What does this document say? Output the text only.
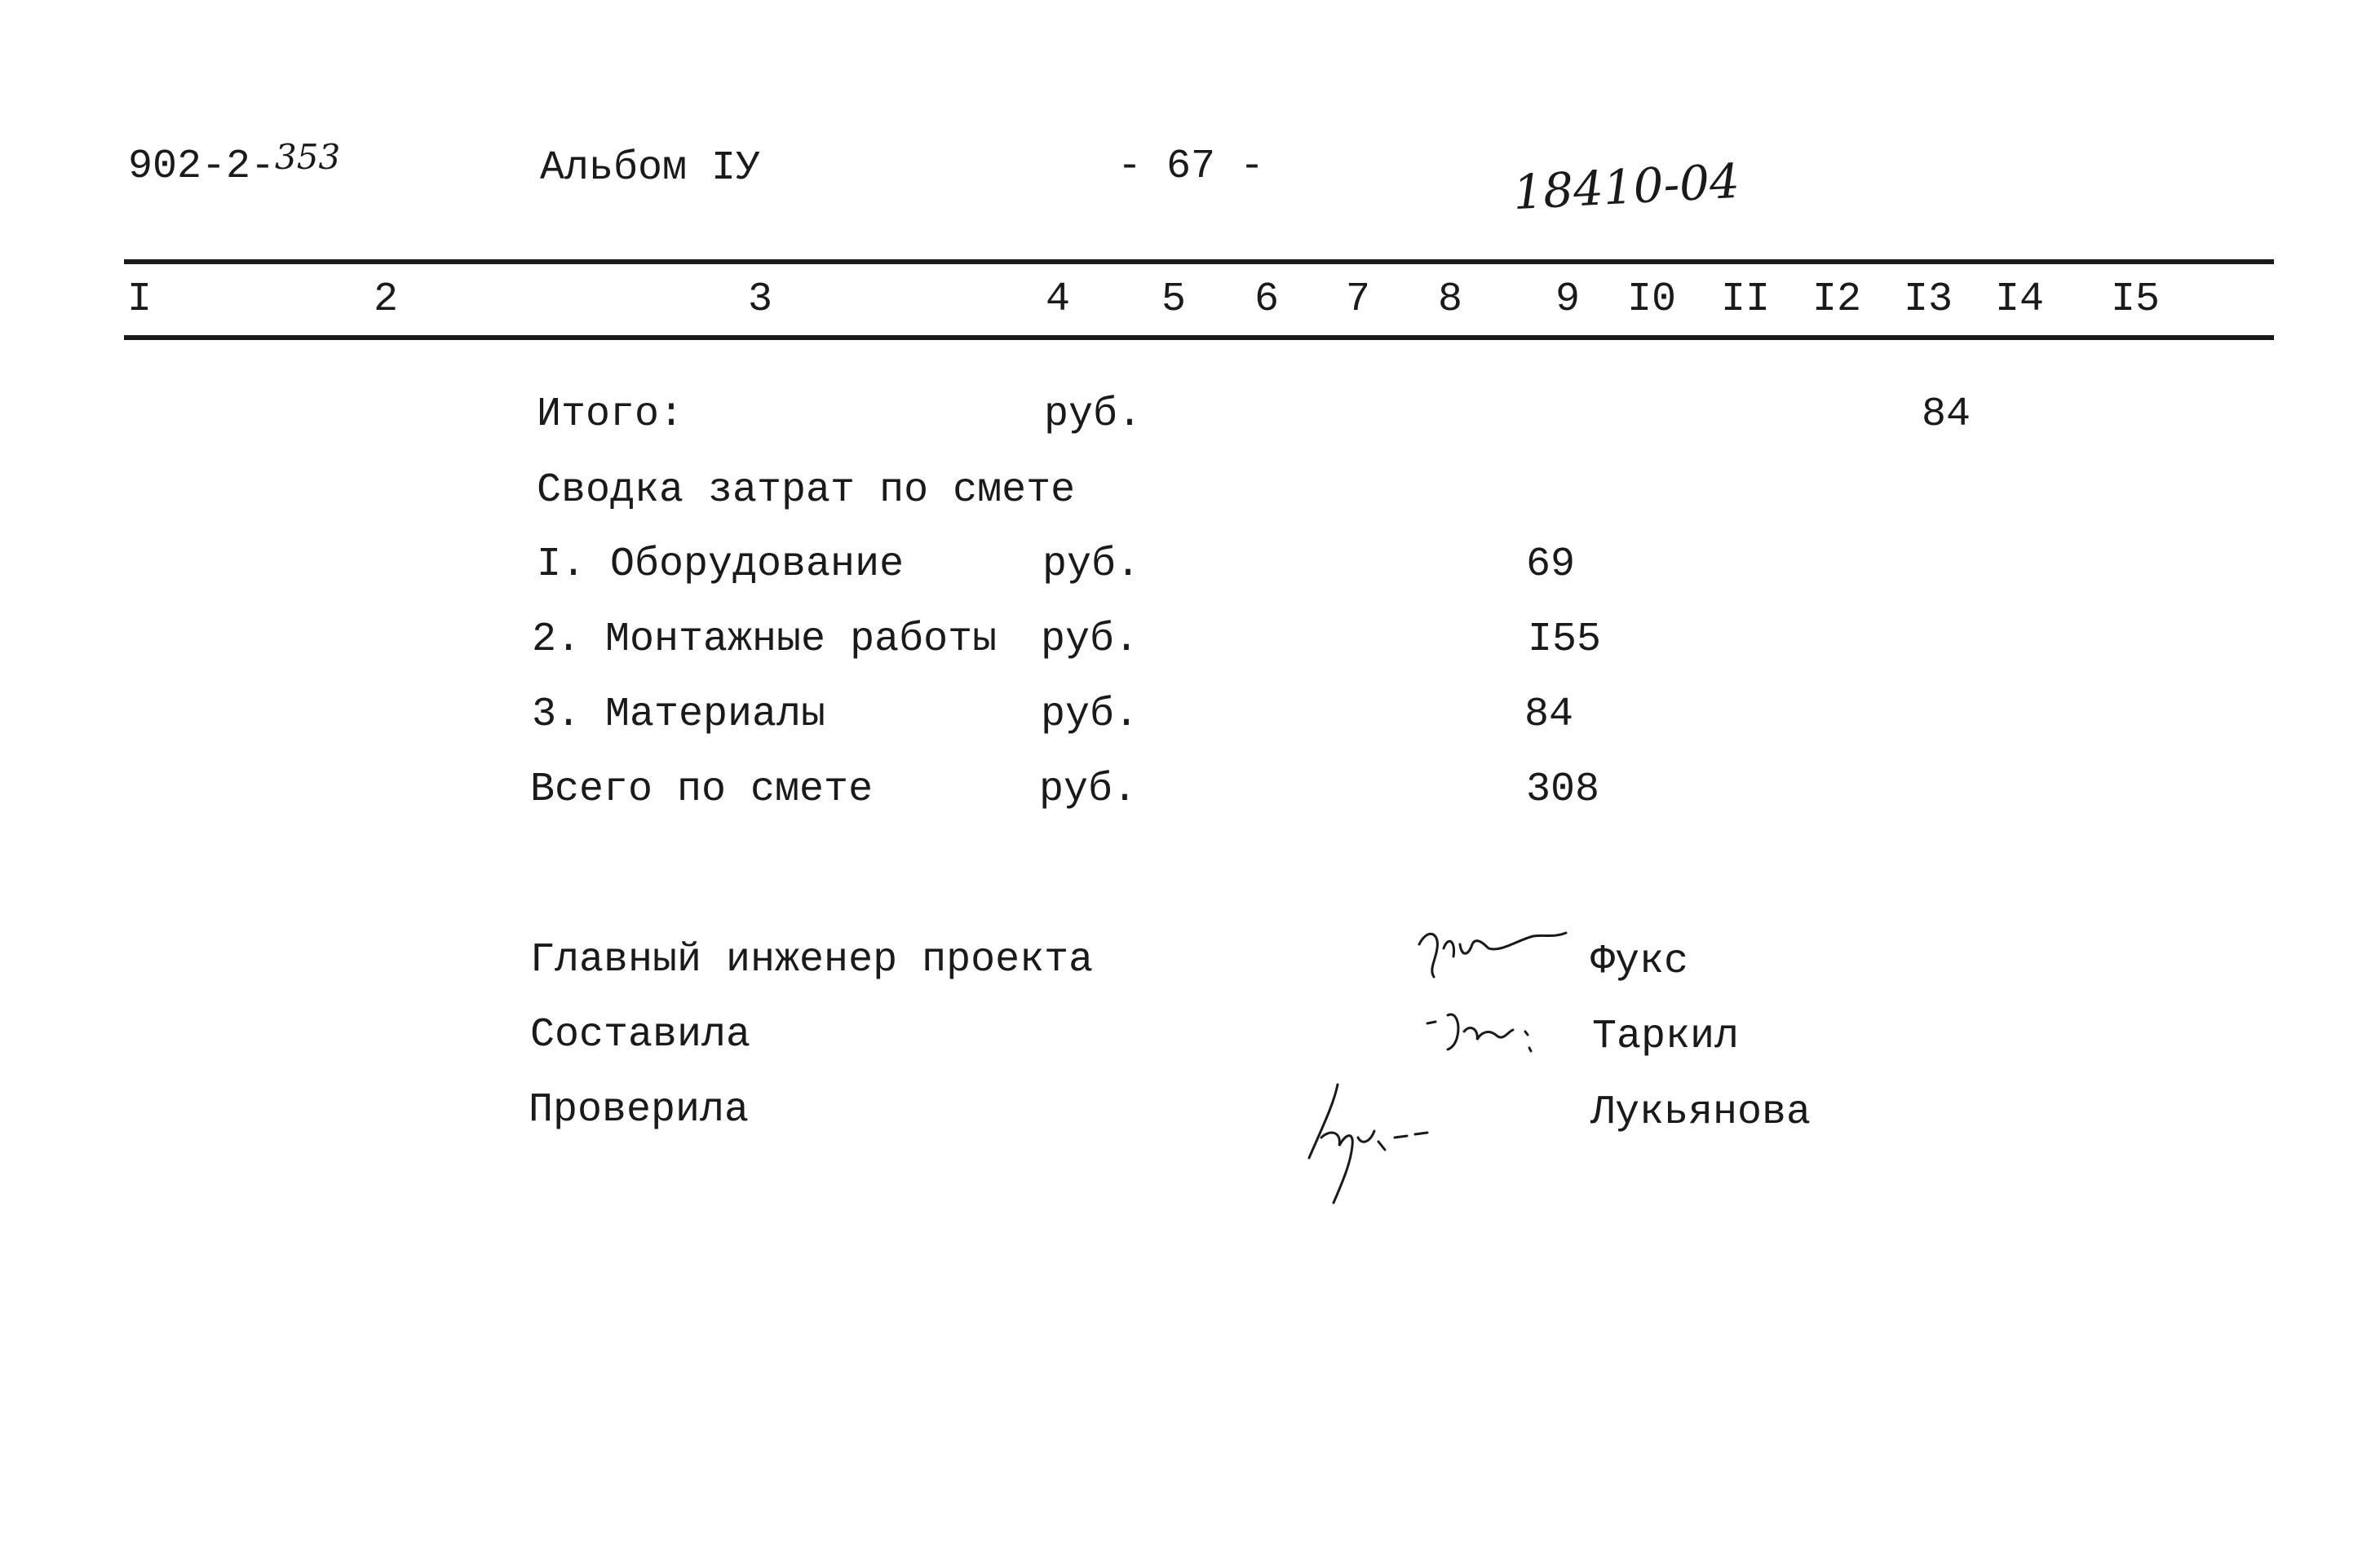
902-2-$^{353}$	Альбом IУ	- 67 -	18410-04
I	2	3	4 5 6 7 8 9 I0 II I2 I3 I4 I5
Итого:	руб.	84
Сводка затрат по смете
I. Оборудование	руб.	69
2. Монтажные работы руб.	I55
3. Материалы	руб.	84
Всего по смете	руб.	308
Главный инженер проекта	Фукс
Составила	Таркил
Проверила	Лукьянова
